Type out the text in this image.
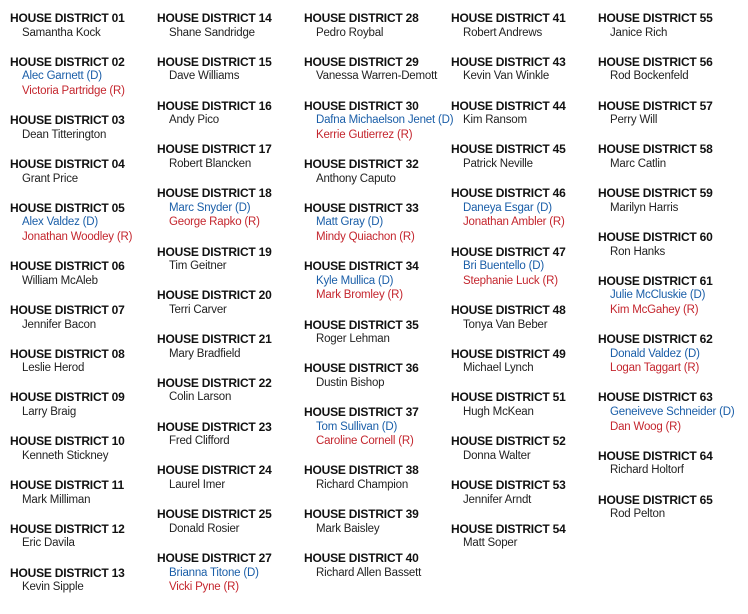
HOUSE DISTRICT 01
Samantha Kock
HOUSE DISTRICT 02
Alec Garnett (D)
Victoria Partridge (R)
HOUSE DISTRICT 03
Dean Titterington
HOUSE DISTRICT 04
Grant Price
HOUSE DISTRICT 05
Alex Valdez (D)
Jonathan Woodley (R)
HOUSE DISTRICT 06
William McAleb
HOUSE DISTRICT 07
Jennifer Bacon
HOUSE DISTRICT 08
Leslie Herod
HOUSE DISTRICT 09
Larry Braig
HOUSE DISTRICT 10
Kenneth Stickney
HOUSE DISTRICT 11
Mark Milliman
HOUSE DISTRICT 12
Eric Davila
HOUSE DISTRICT 13
Kevin Sipple
HOUSE DISTRICT 14
Shane Sandridge
HOUSE DISTRICT 15
Dave Williams
HOUSE DISTRICT 16
Andy Pico
HOUSE DISTRICT 17
Robert Blancken
HOUSE DISTRICT 18
Marc Snyder (D)
George Rapko (R)
HOUSE DISTRICT 19
Tim Geitner
HOUSE DISTRICT 20
Terri Carver
HOUSE DISTRICT 21
Mary Bradfield
HOUSE DISTRICT 22
Colin Larson
HOUSE DISTRICT 23
Fred Clifford
HOUSE DISTRICT 24
Laurel Imer
HOUSE DISTRICT 25
Donald Rosier
HOUSE DISTRICT 27
Brianna Titone (D)
Vicki Pyne (R)
HOUSE DISTRICT 28
Pedro Roybal
HOUSE DISTRICT 29
Vanessa Warren-Demott
HOUSE DISTRICT 30
Dafna Michaelson Jenet (D)
Kerrie Gutierrez (R)
HOUSE DISTRICT 32
Anthony Caputo
HOUSE DISTRICT 33
Matt Gray (D)
Mindy Quiachon (R)
HOUSE DISTRICT 34
Kyle Mullica (D)
Mark Bromley (R)
HOUSE DISTRICT 35
Roger Lehman
HOUSE DISTRICT 36
Dustin Bishop
HOUSE DISTRICT 37
Tom Sullivan (D)
Caroline Cornell (R)
HOUSE DISTRICT 38
Richard Champion
HOUSE DISTRICT 39
Mark Baisley
HOUSE DISTRICT 40
Richard Allen Bassett
HOUSE DISTRICT 41
Robert Andrews
HOUSE DISTRICT 43
Kevin Van Winkle
HOUSE DISTRICT 44
Kim Ransom
HOUSE DISTRICT 45
Patrick Neville
HOUSE DISTRICT 46
Daneya Esgar (D)
Jonathan Ambler (R)
HOUSE DISTRICT 47
Bri Buentello (D)
Stephanie Luck (R)
HOUSE DISTRICT 48
Tonya Van Beber
HOUSE DISTRICT 49
Michael Lynch
HOUSE DISTRICT 51
Hugh McKean
HOUSE DISTRICT 52
Donna Walter
HOUSE DISTRICT 53
Jennifer Arndt
HOUSE DISTRICT 54
Matt Soper
HOUSE DISTRICT 55
Janice Rich
HOUSE DISTRICT 56
Rod Bockenfeld
HOUSE DISTRICT 57
Perry Will
HOUSE DISTRICT 58
Marc Catlin
HOUSE DISTRICT 59
Marilyn Harris
HOUSE DISTRICT 60
Ron Hanks
HOUSE DISTRICT 61
Julie McCluskie (D)
Kim McGahey (R)
HOUSE DISTRICT 62
Donald Valdez (D)
Logan Taggart (R)
HOUSE DISTRICT 63
Geneiveve Schneider (D)
Dan Woog (R)
HOUSE DISTRICT 64
Richard Holtorf
HOUSE DISTRICT 65
Rod Pelton
